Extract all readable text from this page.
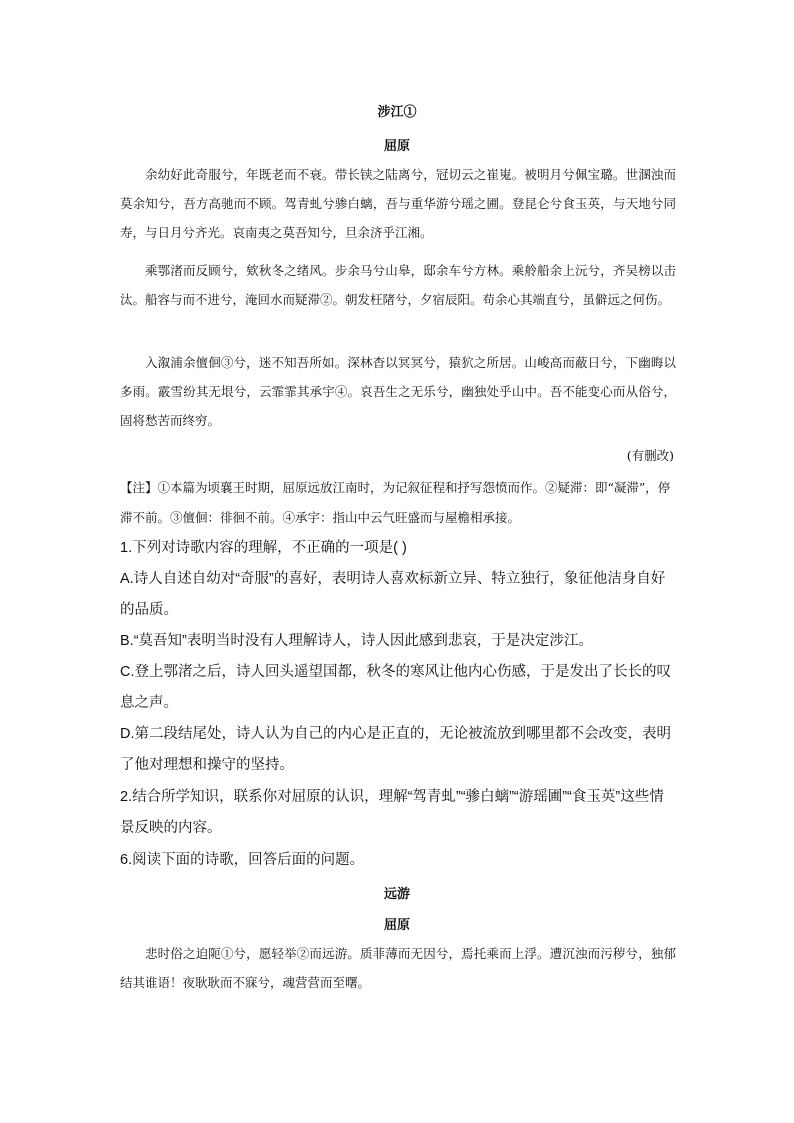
涉江①
屈原
余幼好此奇服兮，年既老而不衰。带长铗之陆离兮，冠切云之崔嵬。被明月兮佩宝璐。世溷浊而莫余知兮，吾方高驰而不顾。驾青虬兮骖白螭，吾与重华游兮瑶之圃。登昆仑兮食玉英，与天地兮同寿，与日月兮齐光。哀南夷之莫吾知兮，旦余济乎江湘。
乘鄂渚而反顾兮，欸秋冬之绪风。步余马兮山皋，邸余车兮方林。乘舲船余上沅兮，齐吴榜以击汰。船容与而不进兮，淹回水而疑滞②。朝发枉陼兮，夕宿辰阳。苟余心其端直兮，虽僻远之何伤。
入溆浦余儃佪③兮，迷不知吾所如。深林杳以冥冥兮，猿狖之所居。山峻高而蔽日兮，下幽晦以多雨。霰雪纷其无垠兮，云霏霏其承宇④。哀吾生之无乐兮，幽独处乎山中。吾不能变心而从俗兮，固将愁苦而终穷。
(有删改)
【注】①本篇为顷襄王时期，屈原远放江南时，为记叙征程和抒写怨愤而作。②疑滞：即“凝滞”，停滞不前。③儃佪：徘徊不前。④承宇：指山中云气旺盛而与屋檐相承接。
1.下列对诗歌内容的理解，不正确的一项是( )
A.诗人自述自幼对“奇服”的喜好，表明诗人喜欢标新立异、特立独行，象征他洁身自好的品质。
B.“莫吾知”表明当时没有人理解诗人，诗人因此感到悲哀，于是决定涉江。
C.登上鄂渚之后，诗人回头遥望国都，秋冬的寒风让他内心伤感，于是发出了长长的叹息之声。
D.第二段结尾处，诗人认为自己的内心是正直的，无论被流放到哪里都不会改变，表明了他对理想和操守的坚持。
2.结合所学知识，联系你对屈原的认识，理解“驾青虬”“骖白螭”“游瑶圃”“食玉英”这些情景反映的内容。
6.阅读下面的诗歌，回答后面的问题。
远游
屈原
悲时俗之迫阨①兮，愿轻举②而远游。质菲薄而无因兮，焉托乘而上浮。遭沉浊而污秽兮，独郁结其谁语！夜耿耿而不寐兮，魂营营而至曙。
